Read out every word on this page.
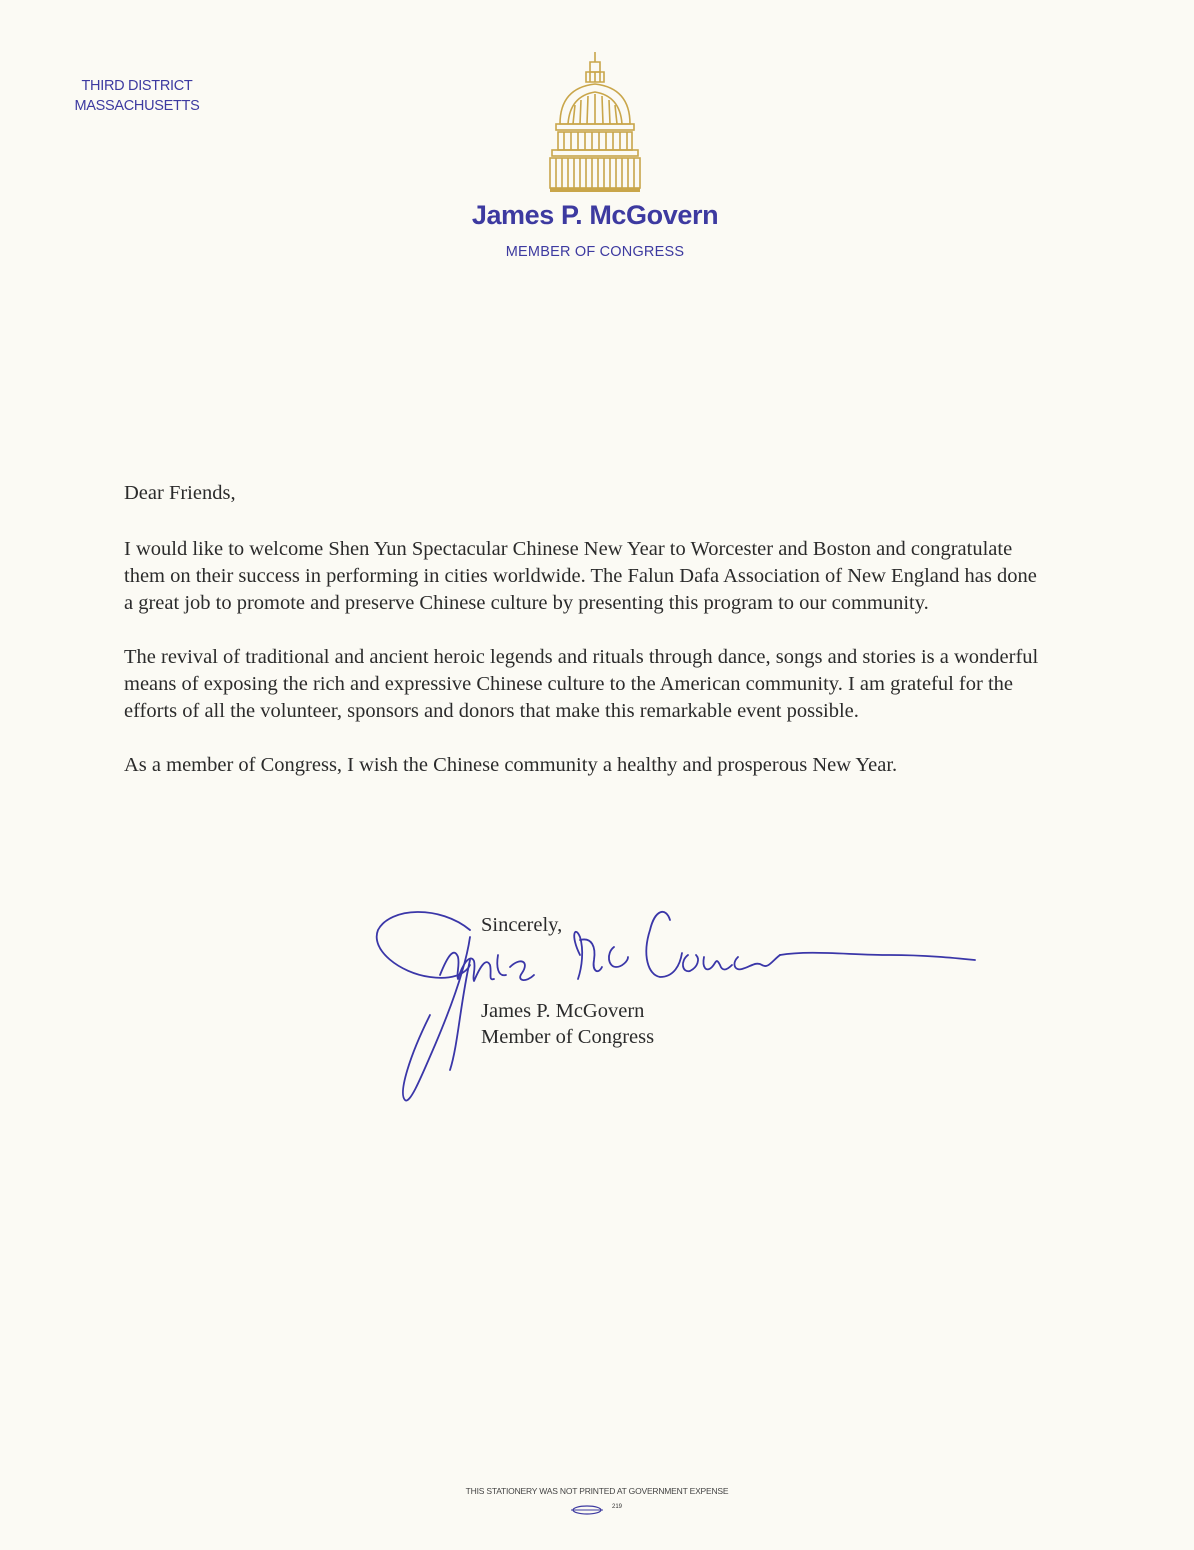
THIRD DISTRICT
MASSACHUSETTS
James P. McGovern
MEMBER OF CONGRESS

Dear Friends,

I would like to welcome Shen Yun Spectacular Chinese New Year to Worcester and Boston and congratulate them on their success in performing in cities worldwide. The Falun Dafa Association of New England has done a great job to promote and preserve Chinese culture by presenting this program to our community.

The revival of traditional and ancient heroic legends and rituals through dance, songs and stories is a wonderful means of exposing the rich and expressive Chinese culture to the American community. I am grateful for the efforts of all the volunteer, sponsors and donors that make this remarkable event possible.

As a member of Congress, I wish the Chinese community a healthy and prosperous New Year.

Sincerely,
James P. McGovern
Member of Congress
THIS STATIONERY WAS NOT PRINTED AT GOVERNMENT EXPENSE
219
